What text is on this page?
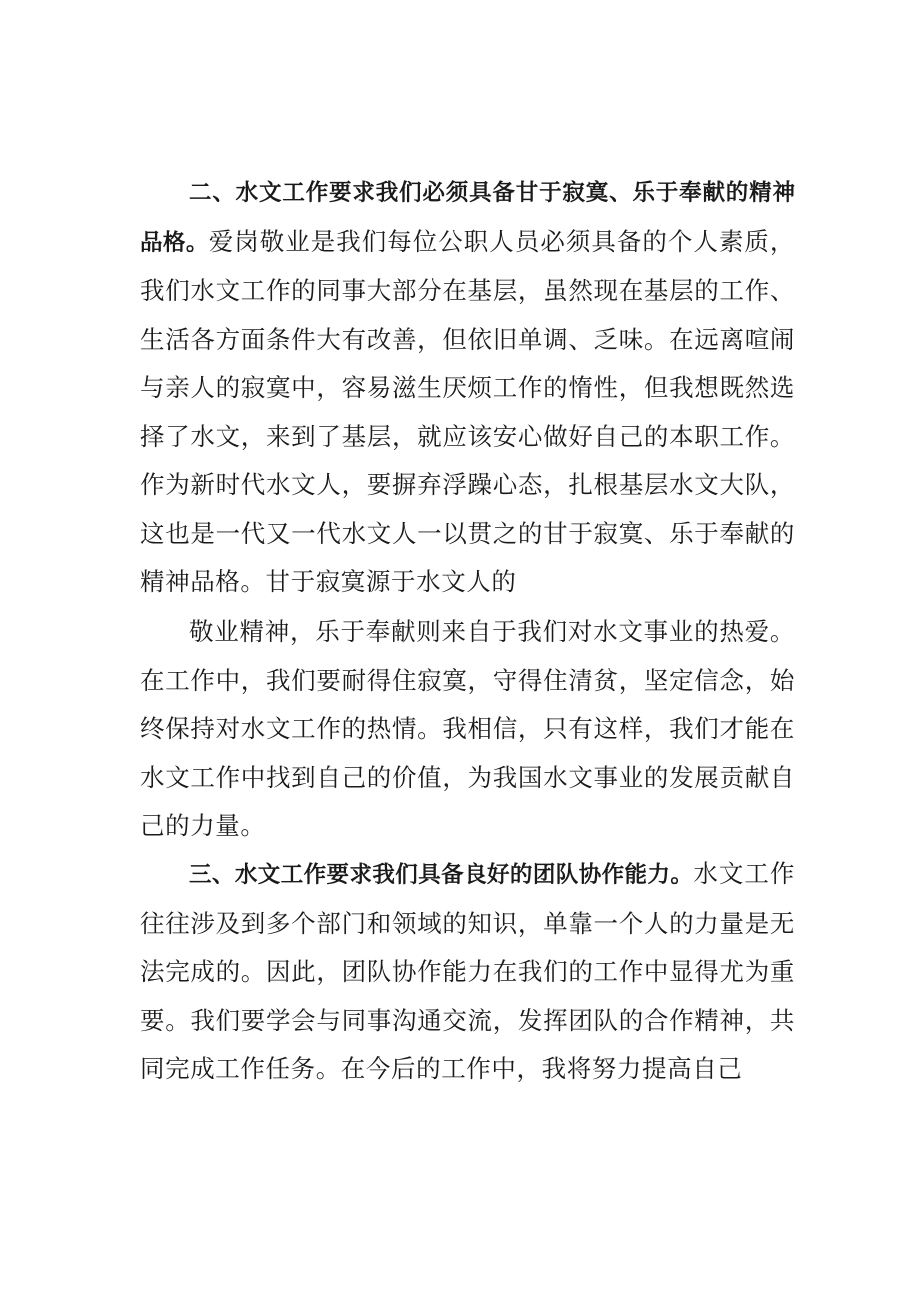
二、水文工作要求我们必须具备甘于寂寞、乐于奉献的精神品格。爱岗敬业是我们每位公职人员必须具备的个人素质，我们水文工作的同事大部分在基层，虽然现在基层的工作、生活各方面条件大有改善，但依旧单调、乏味。在远离喧闹与亲人的寂寞中，容易滋生厌烦工作的惰性，但我想既然选择了水文，来到了基层，就应该安心做好自己的本职工作。作为新时代水文人，要摒弃浮躁心态，扎根基层水文大队，这也是一代又一代水文人一以贯之的甘于寂寞、乐于奉献的精神品格。甘于寂寞源于水文人的

敬业精神，乐于奉献则来自于我们对水文事业的热爱。在工作中，我们要耐得住寂寞，守得住清贫，坚定信念，始终保持对水文工作的热情。我相信，只有这样，我们才能在水文工作中找到自己的价值，为我国水文事业的发展贡献自己的力量。

三、水文工作要求我们具备良好的团队协作能力。水文工作往往涉及到多个部门和领域的知识，单靠一个人的力量是无法完成的。因此，团队协作能力在我们的工作中显得尤为重要。我们要学会与同事沟通交流，发挥团队的合作精神，共同完成工作任务。在今后的工作中，我将努力提高自己
